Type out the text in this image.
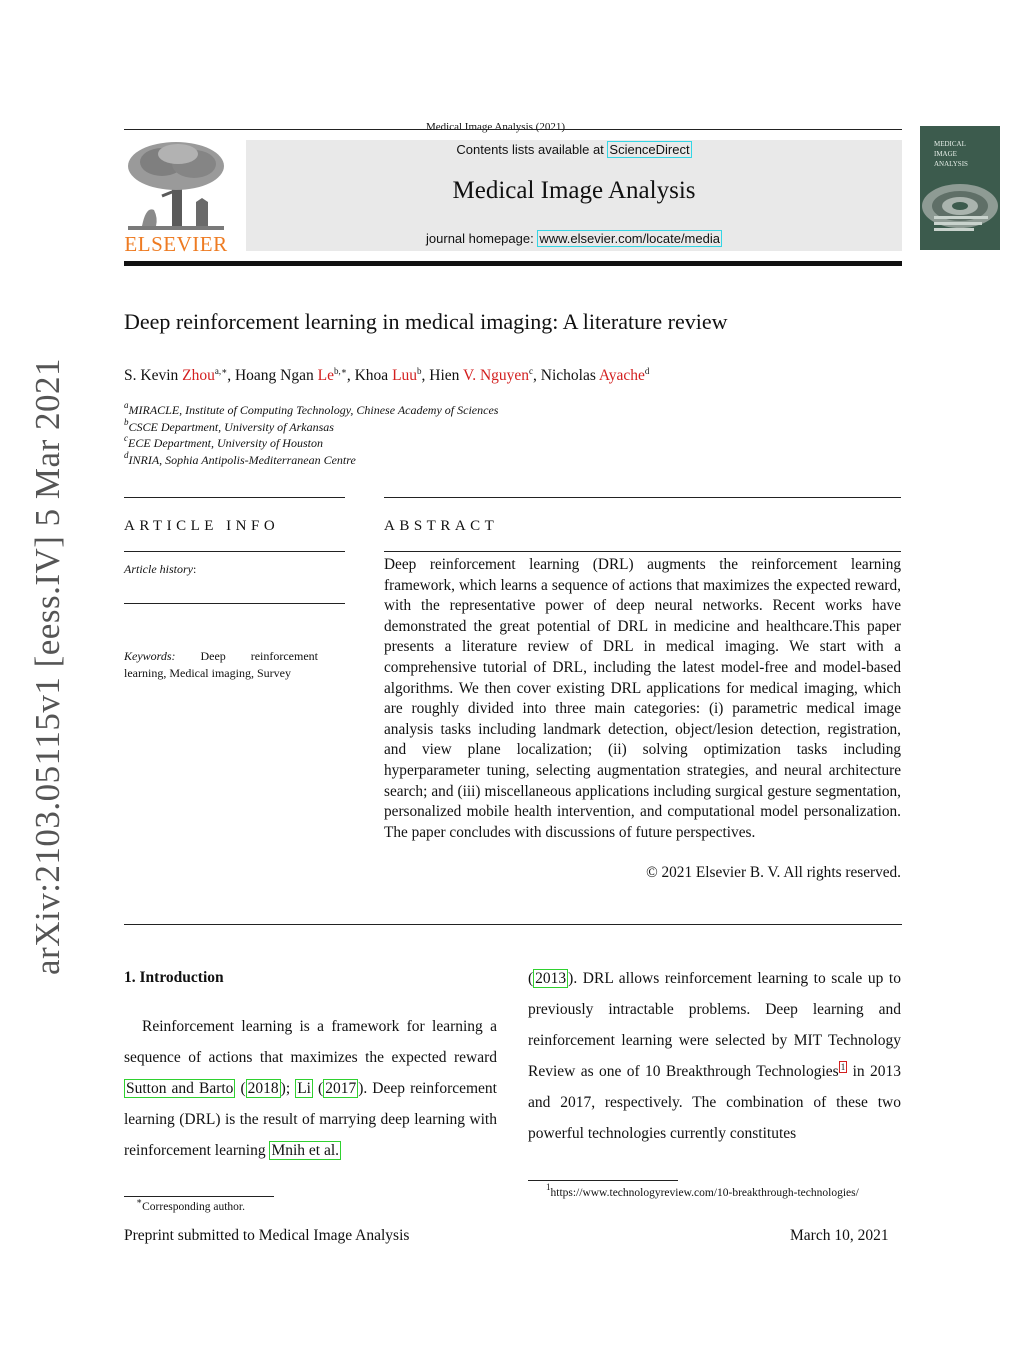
arXiv:2103.05115v1 [eess.IV] 5 Mar 2021
Medical Image Analysis (2021)
ELSEVIER
Contents lists available at ScienceDirect
Medical Image Analysis
journal homepage: www.elsevier.com/locate/media
MEDICAL
IMAGE
ANALYSIS
Deep reinforcement learning in medical imaging: A literature review
S. Kevin Zhou$^{a,∗}$, Hoang Ngan $Le^{b,∗}$, Khoa Luu$^b$, Hien V. Nguyen$^c$, Nicholas Ayache$^d$
$^a$MIRACLE, Institute of Computing Technology, Chinese Academy of Sciences
$^b$CSCE Department, University of Arkansas
$^c$ECE Department, University of Houston
$^d$INRIA, Sophia Antipolis-Mediterranean Centre
ARTICLE INFO	ABSTRACT
Article history:
Keywords: Deep reinforcement learning, Medical imaging, Survey
Deep reinforcement learning (DRL) augments the reinforcement learning framework, which learns a sequence of actions that maximizes the expected reward, with the representative power of deep neural networks. Recent works have demonstrated the great potential of DRL in medicine and healthcare.This paper presents a literature review of DRL in medical imaging. We start with a comprehensive tutorial of DRL, including the latest model-free and model-based algorithms. We then cover existing DRL applications for medical imaging, which are roughly divided into three main categories: (i) parametric medical image analysis tasks including landmark detection, object/lesion detection, registration, and view plane localization; (ii) solving optimization tasks including hyperparameter tuning, selecting augmentation strategies, and neural architecture search; and (iii) miscellaneous applications including surgical gesture segmentation, personalized mobile health intervention, and computational model personalization. The paper concludes with discussions of future perspectives.
© 2021 Elsevier B. V. All rights reserved.
1. Introduction
Reinforcement learning is a framework for learning a sequence of actions that maximizes the expected reward Sutton and Barto ( 2018 ); Li ( 2017 ). Deep reinforcement learning (DRL) is the result of marrying deep learning with reinforcement learning Mnih et al.
( 2013 ). DRL allows reinforcement learning to scale up to previously intractable problems. Deep learning and reinforcement learning were selected by MIT Technology Review as one of 10 Breakthrough Technologies $^1$ in 2013 and 2017, respectively. The combination of these two powerful technologies currently constitutes
∗Corresponding author.
$^1$https://www.technologyreview.com/10-breakthrough-technologies/
Preprint submitted to Medical Image Analysis	March 10, 2021
